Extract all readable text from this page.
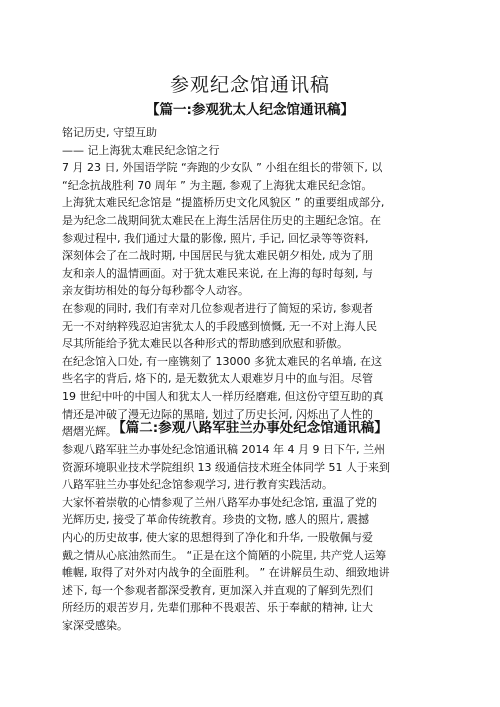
参观纪念馆通讯稿
【篇一:参观犹太人纪念馆通讯稿】
铭记历史, 守望互助
—— 记上海犹太难民纪念馆之行
7 月 23 日, 外国语学院 “奔跑的少女队 ” 小组在组长的带领下, 以
“纪念抗战胜利 70 周年 ” 为主题, 参观了上海犹太难民纪念馆。
上海犹太难民纪念馆是 “提篮桥历史文化风貌区 ” 的重要组成部分,
是为纪念二战期间犹太难民在上海生活居住历史的主题纪念馆。在
参观过程中, 我们通过大量的影像, 照片, 手记, 回忆录等等资料,
深刻体会了在二战时期, 中国居民与犹太难民朝夕相处, 成为了朋
友和亲人的温情画面。对于犹太难民来说, 在上海的每时每刻, 与
亲友街坊相处的每分每秒都令人动容。
在参观的同时, 我们有幸对几位参观者进行了简短的采访, 参观者
无一不对纳粹残忍迫害犹太人的手段感到愤慨, 无一不对上海人民
尽其所能给予犹太难民以各种形式的帮助感到欣慰和骄傲。
在纪念馆入口处, 有一座镌刻了 13000 多犹太难民的名单墙, 在这
些名字的背后, 烙下的, 是无数犹太人艰难岁月中的血与泪。尽管
19 世纪中叶的中国人和犹太人一样历经磨难, 但这份守望互助的真
情还是冲破了漫无边际的黑暗, 划过了历史长河, 闪烁出了人性的
熠熠光辉。
【篇二:参观八路军驻兰办事处纪念馆通讯稿】
参观八路军驻兰办事处纪念馆通讯稿 2014 年 4 月 9 日下午, 兰州
资源环境职业技术学院组织 13 级通信技术班全体同学 51 人于来到
八路军驻兰办事处纪念馆参观学习, 进行教育实践活动。
大家怀着崇敬的心情参观了兰州八路军办事处纪念馆, 重温了党的
光辉历史, 接受了革命传统教育。珍贵的文物, 感人的照片, 震撼
内心的历史故事, 使大家的思想得到了净化和升华, 一股敬佩与爱
戴之情从心底油然而生。 “正是在这个简陋的小院里, 共产党人运筹
帷幄, 取得了对外对内战争的全面胜利。 ” 在讲解员生动、细致地讲
述下, 每一个参观者都深受教育, 更加深入并直观的了解到先烈们
所经历的艰苦岁月, 先辈们那种不畏艰苦、乐于奉献的精神, 让大
家深受感染。
